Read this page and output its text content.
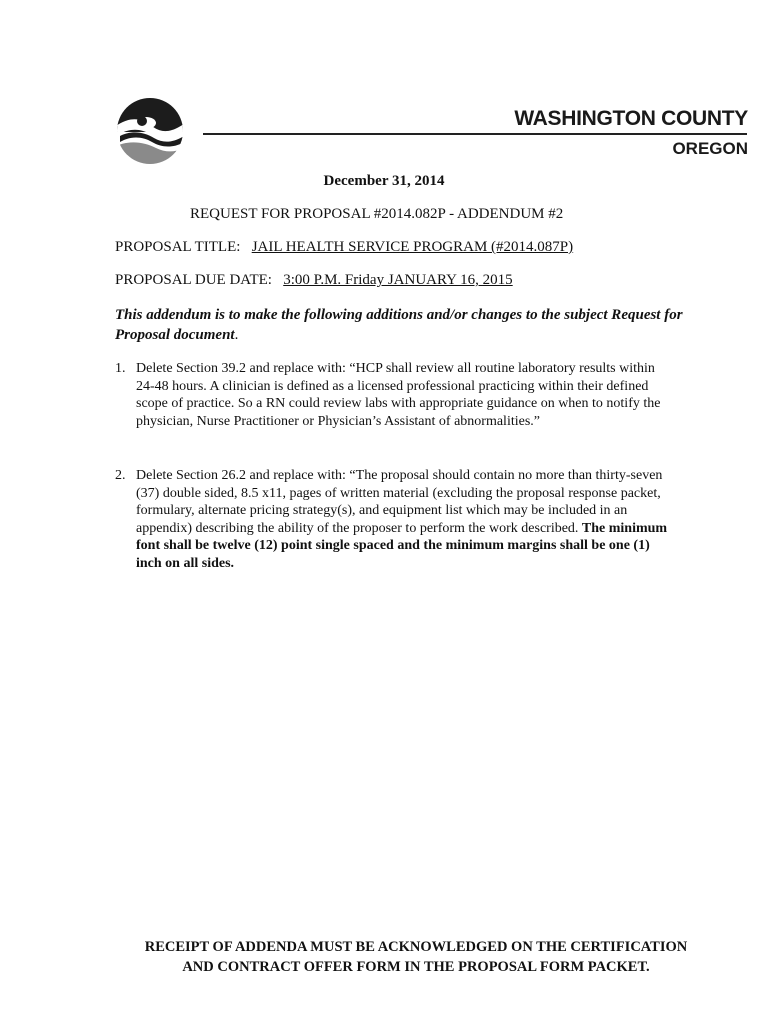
WASHINGTON COUNTY
OREGON
December 31, 2014
REQUEST FOR PROPOSAL #2014.082P - ADDENDUM #2
PROPOSAL TITLE: JAIL HEALTH SERVICE PROGRAM (#2014.087P)
PROPOSAL DUE DATE: 3:00 P.M. Friday JANUARY 16, 2015
This addendum is to make the following additions and/or changes to the subject Request for Proposal document.
1. Delete Section 39.2 and replace with: “HCP shall review all routine laboratory results within 24-48 hours. A clinician is defined as a licensed professional practicing within their defined scope of practice. So a RN could review labs with appropriate guidance on when to notify the physician, Nurse Practitioner or Physician’s Assistant of abnormalities.”
2. Delete Section 26.2 and replace with: “The proposal should contain no more than thirty-seven (37) double sided, 8.5 x11, pages of written material (excluding the proposal response packet, formulary, alternate pricing strategy(s), and equipment list which may be included in an appendix) describing the ability of the proposer to perform the work described. The minimum font shall be twelve (12) point single spaced and the minimum margins shall be one (1) inch on all sides.
RECEIPT OF ADDENDA MUST BE ACKNOWLEDGED ON THE CERTIFICATION
AND CONTRACT OFFER FORM IN THE PROPOSAL FORM PACKET.
